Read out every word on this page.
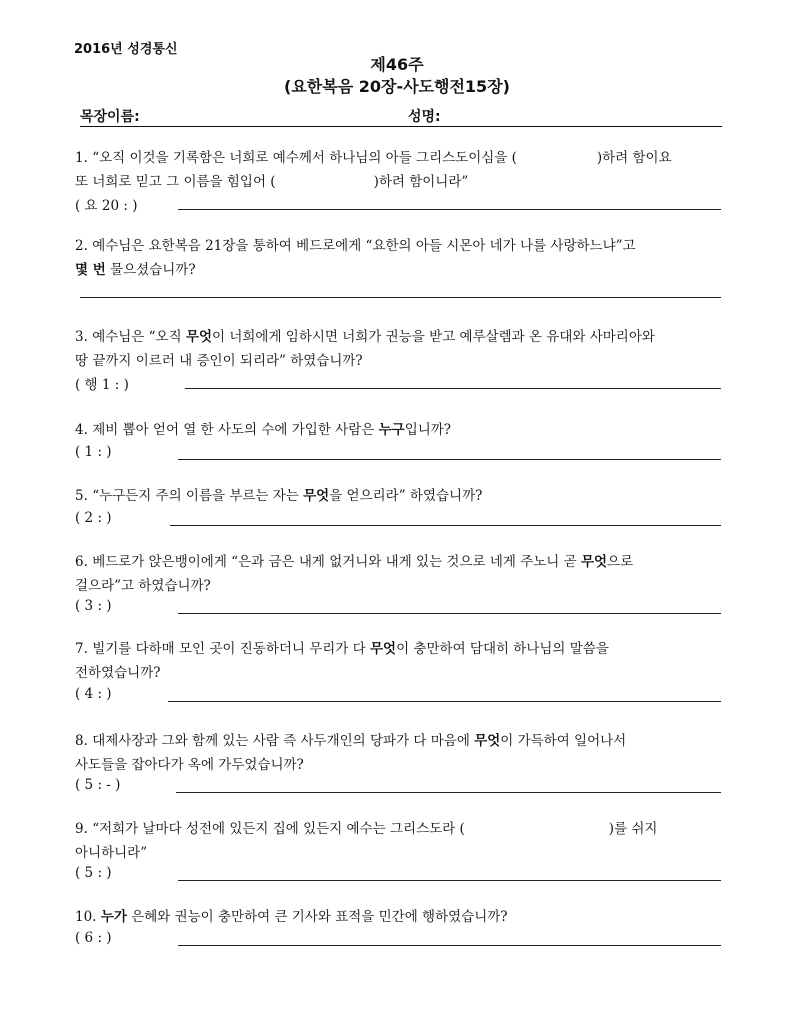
2016년 성경통신
제46주
(요한복음 20장-사도행전15장)
목장이름:	성명:
1. “오직 이것을 기록함은 너희로 예수께서 하나님의 아들 그리스도이심을 (	)하려 함이요
또 너희로 믿고 그 이름을 힘입어 (	)하려 함이니라”
( 요 20 : )
2. 예수님은 요한복음 21장을 통하여 베드로에게 “요한의 아들 시몬아 네가 나를 사랑하느냐”고
몇 번 물으셨습니까?
3. 예수님은 “오직 무엇이 너희에게 임하시면 너희가 권능을 받고 예루살렘과 온 유대와 사마리아와
땅 끝까지 이르러 내 증인이 되리라” 하였습니까?
( 행 1 : )
4. 제비 뽑아 얻어 열 한 사도의 수에 가입한 사람은 누구입니까?
( 1 : )
5. “누구든지 주의 이름을 부르는 자는 무엇을 얻으리라” 하였습니까?
( 2 : )
6. 베드로가 앉은뱅이에게 “은과 금은 내게 없거니와 내게 있는 것으로 네게 주노니 곧 무엇으로
걸으라”고 하였습니까?
( 3 : )
7. 빌기를 다하매 모인 곳이 진동하더니 무리가 다 무엇이 충만하여 담대히 하나님의 말씀을
전하였습니까?
( 4 : )
8. 대제사장과 그와 함께 있는 사람 즉 사두개인의 당파가 다 마음에 무엇이 가득하여 일어나서
사도들을 잡아다가 옥에 가두었습니까?
( 5 : - )
9. “저희가 날마다 성전에 있든지 집에 있든지 예수는 그리스도라 (	)를 쉬지
아니하니라”
( 5 : )
10. 누가 은혜와 권능이 충만하여 큰 기사와 표적을 민간에 행하였습니까?
( 6 : )
